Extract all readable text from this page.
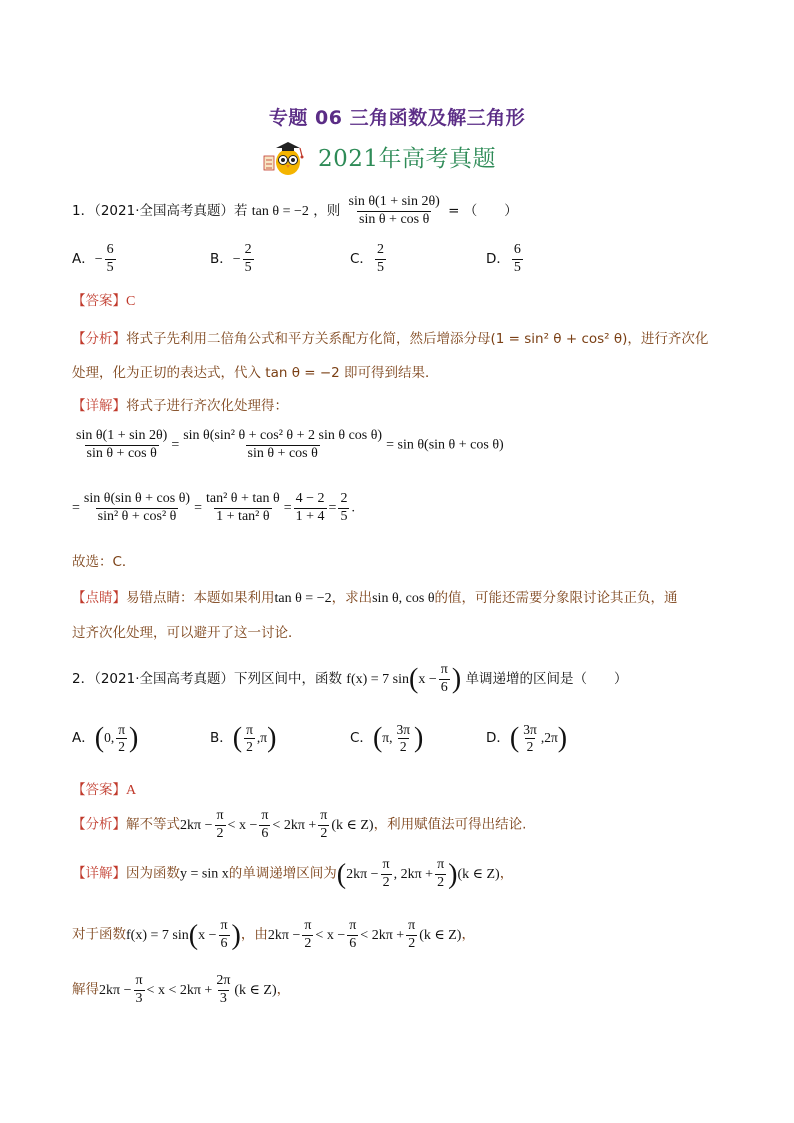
专题 06 三角函数及解三角形
2021年高考真题
1．（2021·全国高考真题）若 tan θ = −2 ，则 $\frac{\text{sin θ(1 + sin 2θ)}}{\text{sin θ + cos θ}}$ = （　　）
A．− $\frac{6}{5}$	B．− $\frac{2}{5}$	C． $\frac{2}{5}$	D． $\frac{6}{5}$
【答案】C
【分析】将式子先利用二倍角公式和平方关系配方化简，然后增添分母(1 = sin² θ + cos² θ)，进行齐次化
处理，化为正切的表达式，代入 tan θ = −2 即可得到结果．
【详解】将式子进行齐次化处理得：
$\frac{\text{sin θ(1 + sin 2θ)}}{\text{sin θ + cos θ}} = \frac{\text{sin θ(sin² θ + cos² θ + 2 sin θ cos θ)}}{\text{sin θ + cos θ}} = \sin \theta(\sin$ θ + cos θ)
= $\frac{\text{sin θ(sin θ + cos θ)}}{\text{sin² θ + cos² θ}} = \frac{\text{tan² θ + tan θ}}{\text{1 + tan² θ}} = \frac{4 - 2}{1 + 4} = \frac{2}{5}$ .
故选：C．
【点睛】易错点睛：本题如果利用tan θ = −2，求出sin θ, cos θ的值，可能还需要分象限讨论其正负，通
过齐次化处理，可以避开了这一讨论．
2．（2021·全国高考真题）下列区间中，函数 f(x) = 7 $\sin(x - \frac{\pi}{6}$ ) 单调递增的区间是（　　）
A．(0, $\frac{\pi}{2}$ )	B．( $\frac{\pi}{2} ,\pi$)	C．(π, $\frac{3\pi}{2}$ )	D．( $\frac{3\pi}{2} ,2\pi$)
【答案】A
【分析】解不等式$2k\pi - \frac{\pi}{2} < x - \frac{\pi}{6} < 2k\pi + \frac{\pi}{2} (k$ ∈ Z)，利用赋值法可得出结论.
【详解】因为函数y = sin x的单调递增区间为($2k\pi - \frac{\pi}{2}$ , $2k\pi + \frac{\pi}{2} )(k$ ∈ Z)，
对于函数f(x) = 7 $\sin(x - \frac{\pi}{6}$ )，由$2k\pi - \frac{\pi}{2} < x - \frac{\pi}{6} < 2k\pi + \frac{\pi}{2} (k$ ∈ Z)，
解得$2k\pi - \frac{\pi}{3} < x < 2k\pi + \frac{2\pi}{3} (k$ ∈ Z)，
